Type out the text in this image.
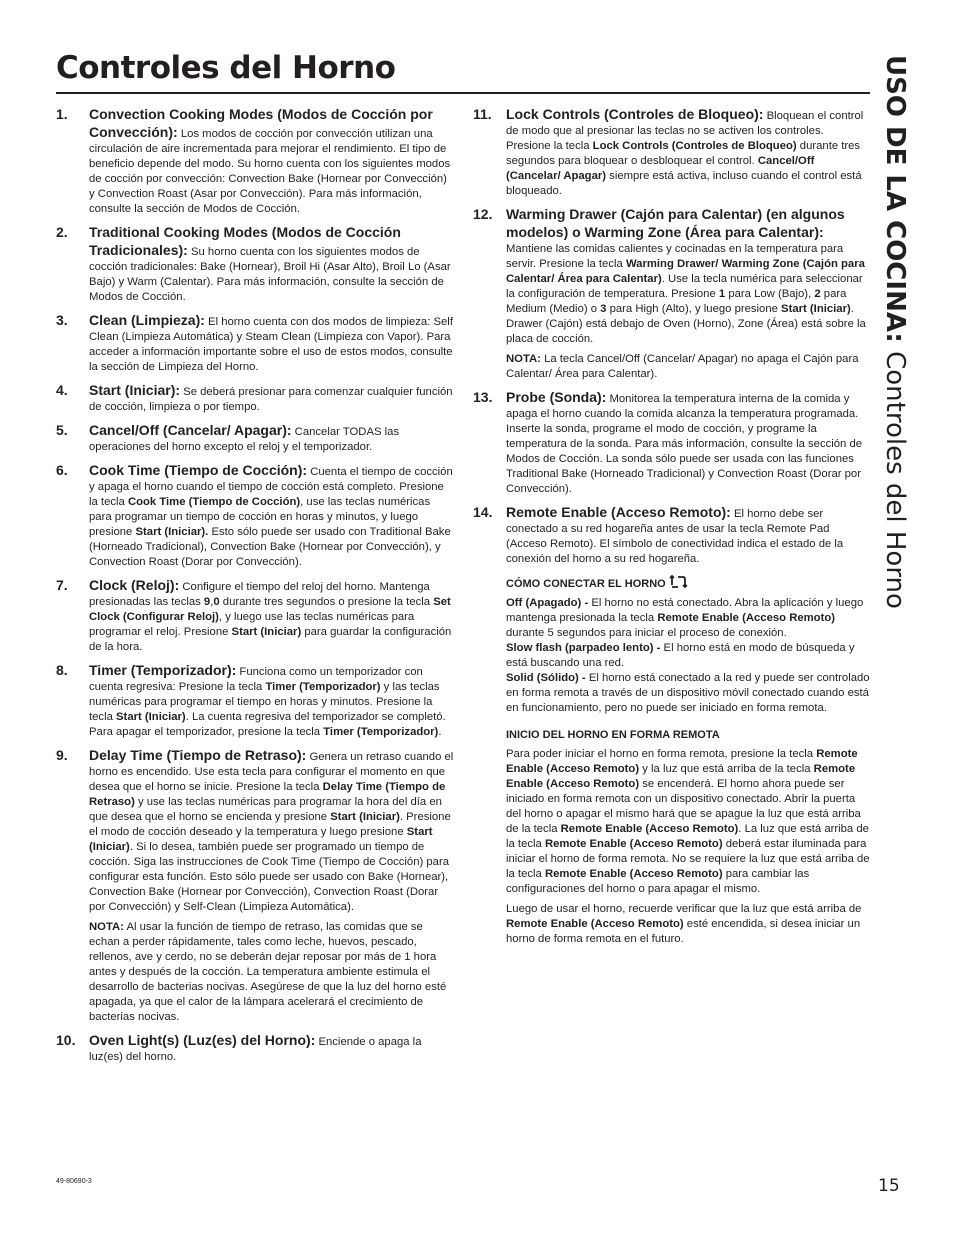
Controles del Horno	USO DE LA COCINA: Controles del Horno
1. Convection Cooking Modes (Modos de Cocción por Convección): Los modos de cocción por convección utilizan una circulación de aire incrementada para mejorar el rendimiento. El tipo de beneficio depende del modo. Su horno cuenta con los siguientes modos de cocción por convección: Convection Bake (Hornear por Convección) y Convection Roast (Asar por Convección). Para más información, consulte la sección de Modos de Cocción.

2. Traditional Cooking Modes (Modos de Cocción Tradicionales): Su horno cuenta con los siguientes modos de cocción tradicionales: Bake (Hornear), Broil Hi (Asar Alto), Broil Lo (Asar Bajo) y Warm (Calentar). Para más información, consulte la sección de Modos de Cocción.

3. Clean (Limpieza): El horno cuenta con dos modos de limpieza: Self Clean (Limpieza Automática) y Steam Clean (Limpieza con Vapor). Para acceder a información importante sobre el uso de estos modos, consulte la sección de Limpieza del Horno.

4. Start (Iniciar): Se deberá presionar para comenzar cualquier función de cocción, limpieza o por tiempo.

5. Cancel/Off (Cancelar/ Apagar): Cancelar TODAS las operaciones del horno excepto el reloj y el temporizador.

6. Cook Time (Tiempo de Cocción): Cuenta el tiempo de cocción y apaga el horno cuando el tiempo de cocción está completo. Presione la tecla Cook Time (Tiempo de Cocción), use las teclas numéricas para programar un tiempo de cocción en horas y minutos, y luego presione Start (Iniciar). Esto sólo puede ser usado con Traditional Bake (Horneado Tradicional), Convection Bake (Hornear por Convección), y Convection Roast (Dorar por Convección).

7. Clock (Reloj): Configure el tiempo del reloj del horno. Mantenga presionadas las teclas 9,0 durante tres segundos o presione la tecla Set Clock (Configurar Reloj), y luego use las teclas numéricas para programar el reloj. Presione Start (Iniciar) para guardar la configuración de la hora.

8. Timer (Temporizador): Funciona como un temporizador con cuenta regresiva: Presione la tecla Timer (Temporizador) y las teclas numéricas para programar el tiempo en horas y minutos. Presione la tecla Start (Iniciar). La cuenta regresiva del temporizador se completó. Para apagar el temporizador, presione la tecla Timer (Temporizador).

9. Delay Time (Tiempo de Retraso): Genera un retraso cuando el horno es encendido. Use esta tecla para configurar el momento en que desea que el horno se inicie. Presione la tecla Delay Time (Tiempo de Retraso) y use las teclas numéricas para programar la hora del día en que desea que el horno se encienda y presione Start (Iniciar). Presione el modo de cocción deseado y la temperatura y luego presione Start (Iniciar). Si lo desea, también puede ser programado un tiempo de cocción. Siga las instrucciones de Cook Time (Tiempo de Cocción) para configurar esta función. Esto sólo puede ser usado con Bake (Hornear), Convection Bake (Hornear por Convección), Convection Roast (Dorar por Convección) y Self-Clean (Limpieza Automática).

NOTA: Al usar la función de tiempo de retraso, las comidas que se echan a perder rápidamente, tales como leche, huevos, pescado, rellenos, ave y cerdo, no se deberán dejar reposar por más de 1 hora antes y después de la cocción. La temperatura ambiente estimula el desarrollo de bacterias nocivas. Asegúrese de que la luz del horno esté apagada, ya que el calor de la lámpara acelerará el crecimiento de bacterias nocivas.

10. Oven Light(s) (Luz(es) del Horno): Enciende o apaga la luz(es) del horno.

11. Lock Controls (Controles de Bloqueo): Bloquean el control de modo que al presionar las teclas no se activen los controles. Presione la tecla Lock Controls (Controles de Bloqueo) durante tres segundos para bloquear o desbloquear el control. Cancel/Off (Cancelar/ Apagar) siempre está activa, incluso cuando el control está bloqueado.

12. Warming Drawer (Cajón para Calentar) (en algunos modelos) o Warming Zone (Área para Calentar): Mantiene las comidas calientes y cocinadas en la temperatura para servir. Presione la tecla Warming Drawer/ Warming Zone (Cajón para Calentar/ Área para Calentar). Use la tecla numérica para seleccionar la configuración de temperatura. Presione 1 para Low (Bajo), 2 para Medium (Medio) o 3 para High (Alto), y luego presione Start (Iniciar). Drawer (Cajón) está debajo de Oven (Horno), Zone (Área) está sobre la placa de cocción.

NOTA: La tecla Cancel/Off (Cancelar/ Apagar) no apaga el Cajón para Calentar/ Área para Calentar).

13. Probe (Sonda): Monitorea la temperatura interna de la comida y apaga el horno cuando la comida alcanza la temperatura programada. Inserte la sonda, programe el modo de cocción, y programe la temperatura de la sonda. Para más información, consulte la sección de Modos de Cocción. La sonda sólo puede ser usada con las funciones Traditional Bake (Horneado Tradicional) y Convection Roast (Dorar por Convección).

14. Remote Enable (Acceso Remoto): El horno debe ser conectado a su red hogareña antes de usar la tecla Remote Pad (Acceso Remoto). El símbolo de conectividad indica el estado de la conexión del horno a su red hogareña.

CÓMO CONECTAR EL HORNO

Off (Apagado) - El horno no está conectado. Abra la aplicación y luego mantenga presionada la tecla Remote Enable (Acceso Remoto) durante 5 segundos para iniciar el proceso de conexión.

Slow flash (parpadeo lento) - El horno está en modo de búsqueda y está buscando una red.

Solid (Sólido) - El horno está conectado a la red y puede ser controlado en forma remota a través de un dispositivo móvil conectado cuando está en funcionamiento, pero no puede ser iniciado en forma remota.

INICIO DEL HORNO EN FORMA REMOTA

Para poder iniciar el horno en forma remota, presione la tecla Remote Enable (Acceso Remoto) y la luz que está arriba de la tecla Remote Enable (Acceso Remoto) se encenderá. El horno ahora puede ser iniciado en forma remota con un dispositivo conectado. Abrir la puerta del horno o apagar el mismo hará que se apague la luz que está arriba de la tecla Remote Enable (Acceso Remoto). La luz que está arriba de la tecla Remote Enable (Acceso Remoto) deberá estar iluminada para iniciar el horno de forma remota. No se requiere la luz que está arriba de la tecla Remote Enable (Acceso Remoto) para cambiar las configuraciones del horno o para apagar el mismo.

Luego de usar el horno, recuerde verificar que la luz que está arriba de Remote Enable (Acceso Remoto) esté encendida, si desea iniciar un horno de forma remota en el futuro.

49-80690-3	15
